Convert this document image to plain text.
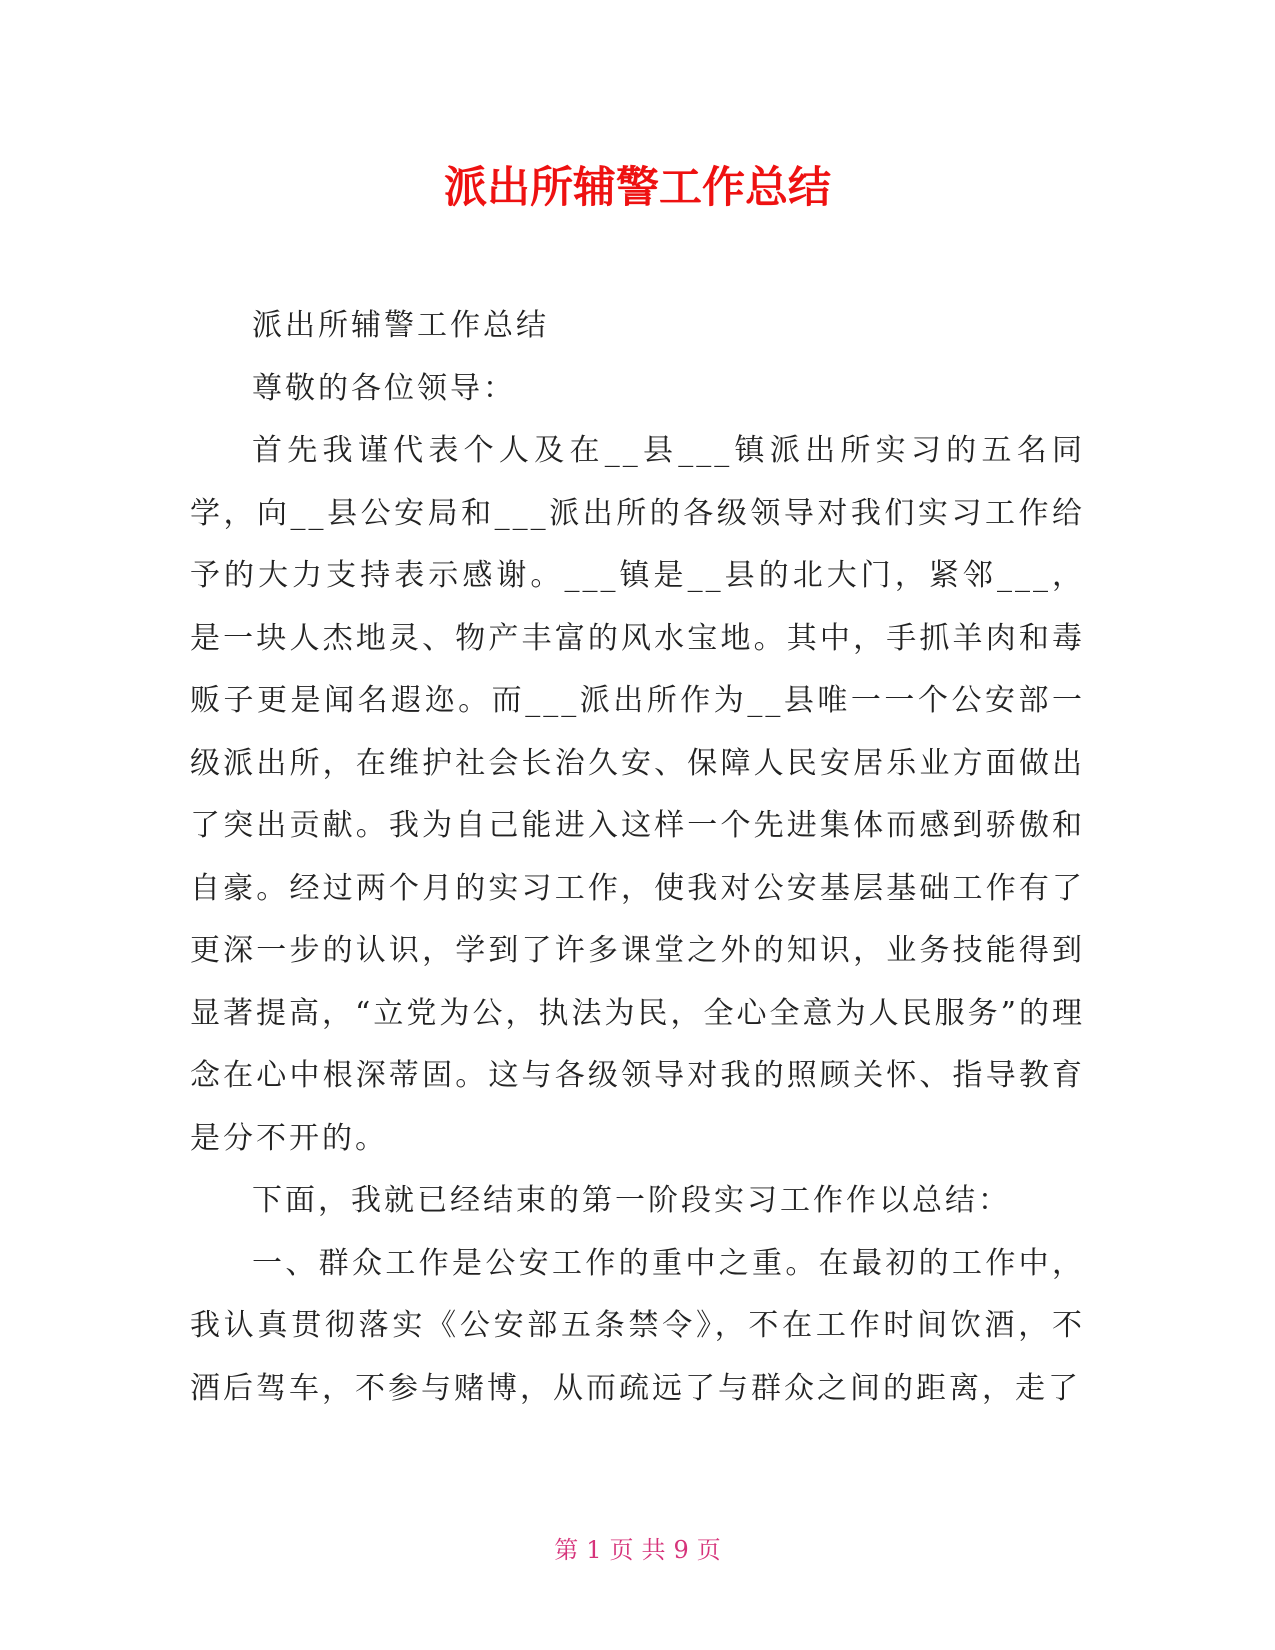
派出所辅警工作总结

派出所辅警工作总结

尊敬的各位领导：

首先我谨代表个人及在__县___镇派出所实习的五名同学，向__县公安局和___派出所的各级领导对我们实习工作给予的大力支持表示感谢。___镇是__县的北大门，紧邻___，是一块人杰地灵、物产丰富的风水宝地。其中，手抓羊肉和毒贩子更是闻名遐迩。而___派出所作为__县唯一一个公安部一级派出所，在维护社会长治久安、保障人民安居乐业方面做出了突出贡献。我为自己能进入这样一个先进集体而感到骄傲和自豪。经过两个月的实习工作，使我对公安基层基础工作有了更深一步的认识，学到了许多课堂之外的知识，业务技能得到显著提高，“立党为公，执法为民，全心全意为人民服务”的理念在心中根深蒂固。这与各级领导对我的照顾关怀、指导教育是分不开的。

下面，我就已经结束的第一阶段实习工作作以总结：

一、群众工作是公安工作的重中之重。在最初的工作中，我认真贯彻落实《公安部五条禁令》，不在工作时间饮酒，不酒后驾车，不参与赌博，从而疏远了与群众之间的距离，走了

第 1 页 共 9 页
